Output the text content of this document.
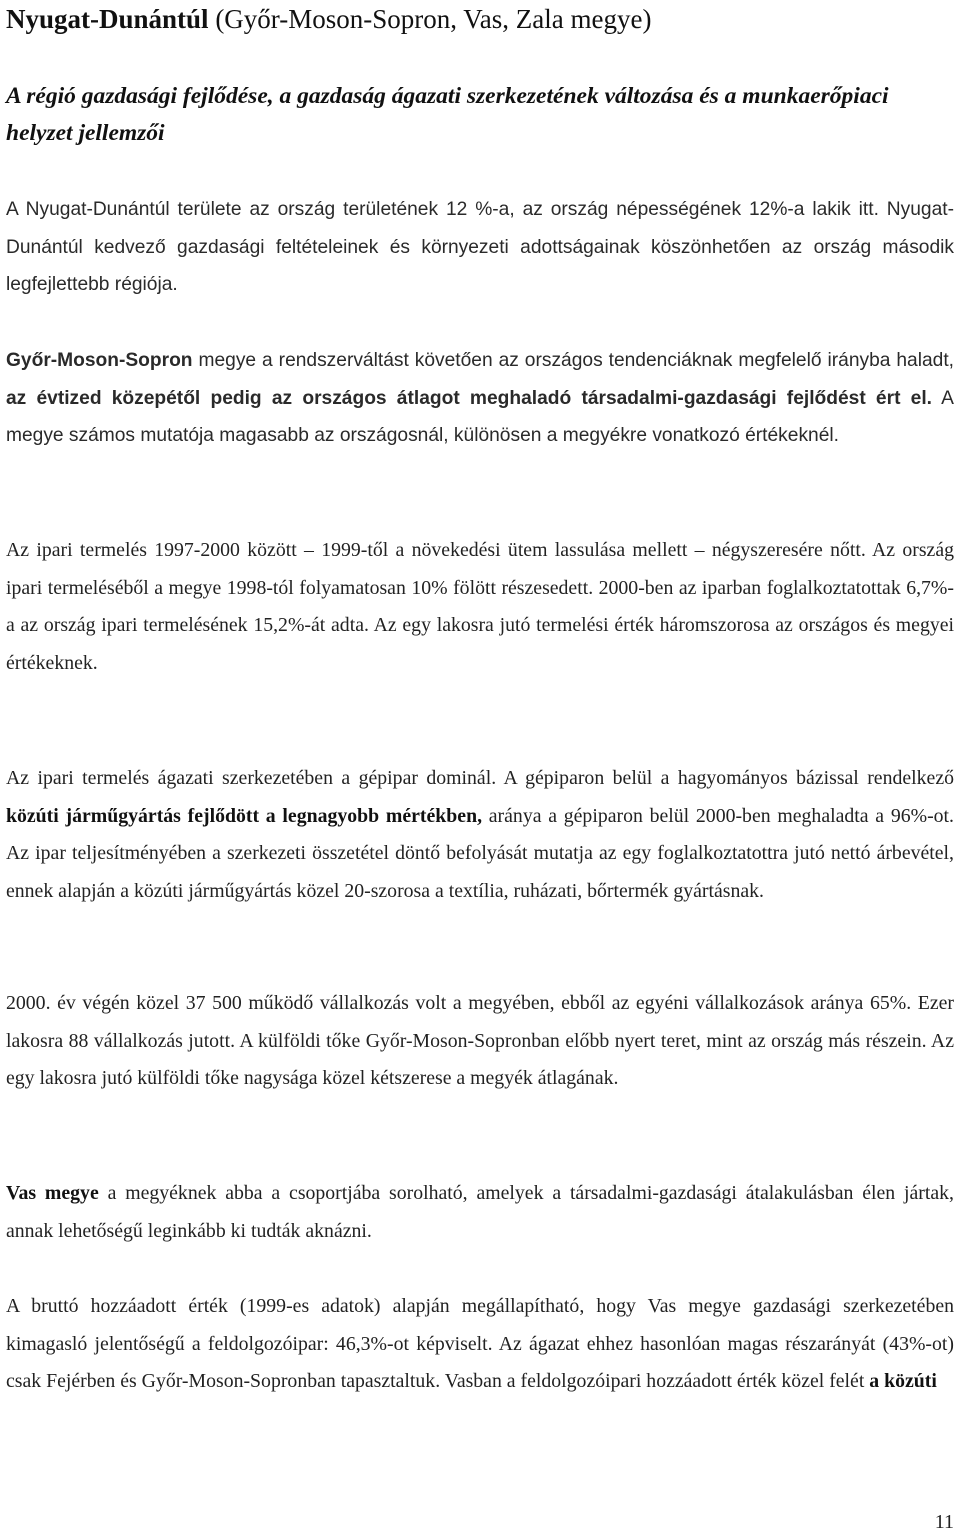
Nyugat-Dunántúl (Győr-Moson-Sopron, Vas, Zala megye)
A régió gazdasági fejlődése, a gazdaság ágazati szerkezetének változása és a munkaerőpiaci helyzet jellemzői

A Nyugat-Dunántúl területe az ország területének 12 %-a, az ország népességének 12%-a lakik itt. Nyugat-Dunántúl kedvező gazdasági feltételeinek és környezeti adottságainak köszönhetően az ország második legfejlettebb régiója.

Győr-Moson-Sopron megye a rendszerváltást követően az országos tendenciáknak megfelelő irányba haladt, az évtized közepétől pedig az országos átlagot meghaladó társadalmi-gazdasági fejlődést ért el. A megye számos mutatója magasabb az országosnál, különösen a megyékre vonatkozó értékeknél.

Az ipari termelés 1997-2000 között – 1999-től a növekedési ütem lassulása mellett – négyszeresére nőtt. Az ország ipari termeléséből a megye 1998-tól folyamatosan 10% fölött részesedett. 2000-ben az iparban foglalkoztatottak 6,7%-a az ország ipari termelésének 15,2%-át adta. Az egy lakosra jutó termelési érték háromszorosa az országos és megyei értékeknek.

Az ipari termelés ágazati szerkezetében a gépipar dominál. A gépiparon belül a hagyományos bázissal rendelkező közúti járműgyártás fejlődött a legnagyobb mértékben, aránya a gépiparon belül 2000-ben meghaladta a 96%-ot. Az ipar teljesítményében a szerkezeti összetétel döntő befolyását mutatja az egy foglalkoztatottra jutó nettó árbevétel, ennek alapján a közúti járműgyártás közel 20-szorosa a textília, ruházati, bőrtermék gyártásnak.

2000. év végén közel 37 500 működő vállalkozás volt a megyében, ebből az egyéni vállalkozások aránya 65%. Ezer lakosra 88 vállalkozás jutott. A külföldi tőke Győr-Moson-Sopronban előbb nyert teret, mint az ország más részein. Az egy lakosra jutó külföldi tőke nagysága közel kétszerese a megyék átlagának.

Vas megye a megyéknek abba a csoportjába sorolható, amelyek a társadalmi-gazdasági átalakulásban élen jártak, annak lehetőségű leginkább ki tudták aknázni.

A bruttó hozzáadott érték (1999-es adatok) alapján megállapítható, hogy Vas megye gazdasági szerkezetében kimagasló jelentőségű a feldolgozóipar: 46,3%-ot képviselt. Az ágazat ehhez hasonlóan magas részarányát (43%-ot) csak Fejérben és Győr-Moson-Sopronban tapasztaltuk. Vasban a feldolgozóipari hozzáadott érték közel felét a közúti

11
